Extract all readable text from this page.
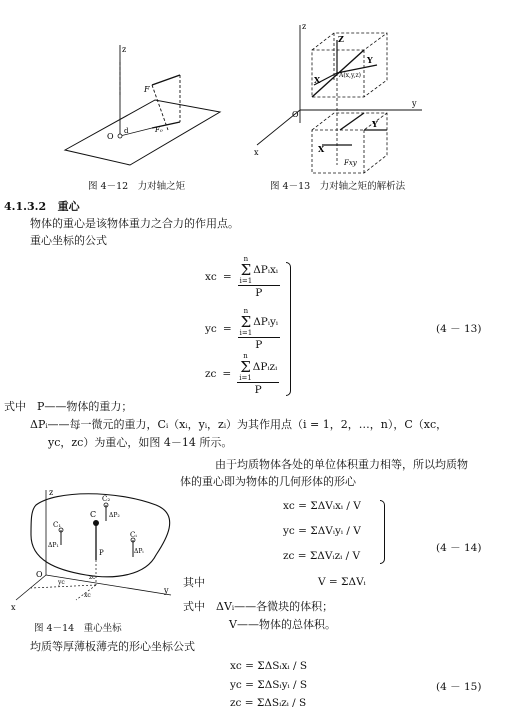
z
O
d
F
F₀
图 4－12　力对轴之矩
z
y
x
O
Z
X
Y
A(x,y,z)
X
Y
Fxy
图 4－13　力对轴之矩的解析法
4.1.3.2 重心
物体的重心是该物体重力之合力的作用点。
重心坐标的公式
xc = n
Σ
i=1
ΔPᵢxᵢ
P
yc = n
Σ
i=1
ΔPᵢyᵢ
P
zc = n
Σ
i=1
ΔPᵢzᵢ
P
(4 － 13)
式中　P——物体的重力；
ΔPᵢ——每一微元的重力，Cᵢ（xᵢ，yᵢ，zᵢ）为其作用点（i = 1，2，…，n），C（xc，
yc，zc）为重心，如图 4－14 所示。
由于均质物体各处的单位体积重力相等，所以均质物
体的重心即为物体的几何形体的形心
z
O
x
y
C
C₂
C₁
Cᵢ
ΔP₂
ΔP₁
ΔPᵢ
P
zc
yc
xc
图 4－14　重心坐标
xc = ΣΔVᵢxᵢ / V
yc = ΣΔVᵢyᵢ / V
zc = ΣΔVᵢzᵢ / V
(4 － 14)
其中	V = ΣΔVᵢ
式中 ΔVᵢ——各微块的体积；
V——物体的总体积。
均质等厚薄板薄壳的形心坐标公式
xc = ΣΔSᵢxᵢ / S
yc = ΣΔSᵢyᵢ / S
zc = ΣΔSᵢzᵢ / S
(4 － 15)
